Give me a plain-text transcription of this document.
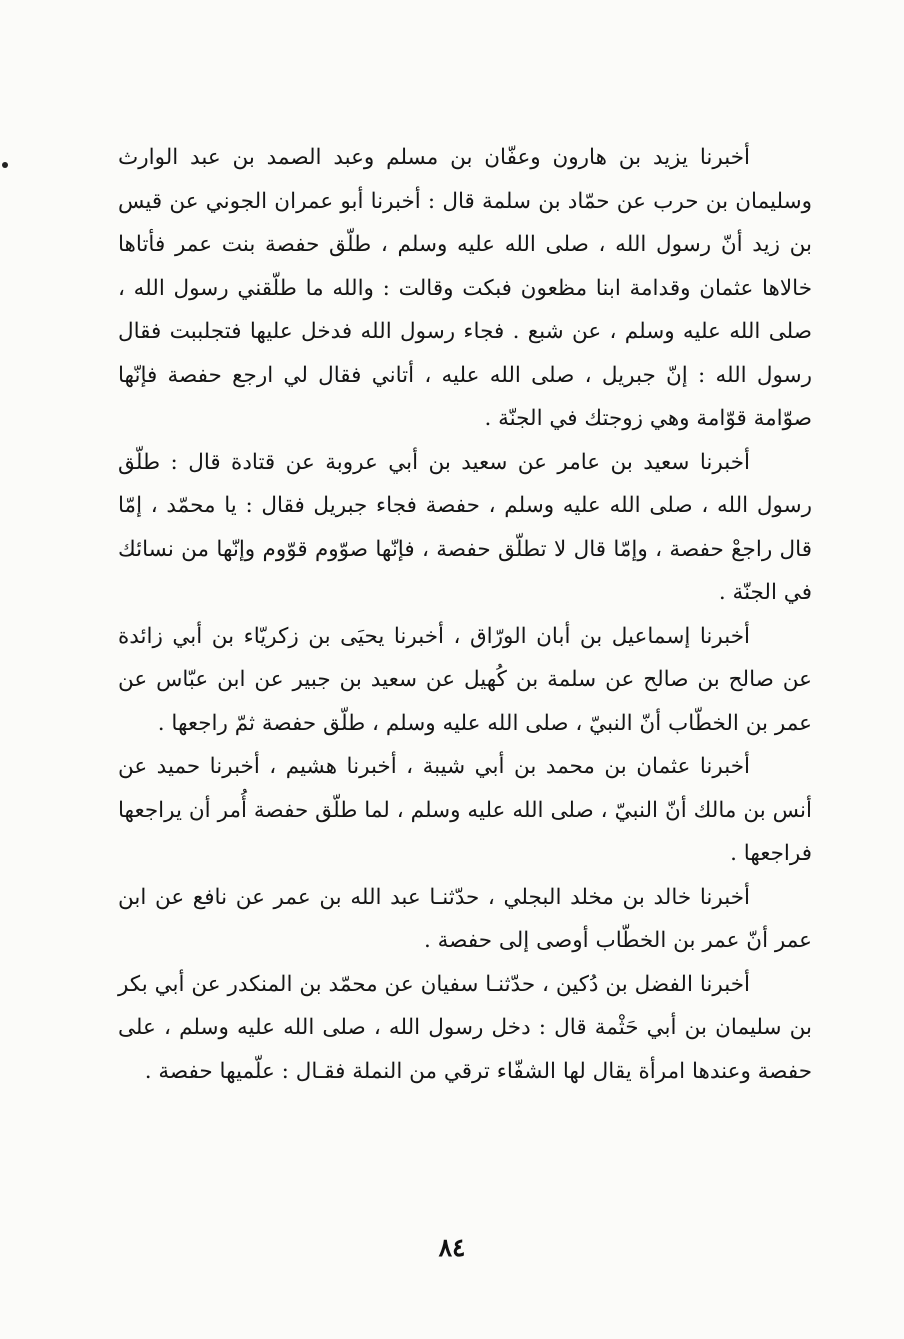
أخبرنا يزيد بن هارون وعفّان بن مسلم وعبد الصمد بن عبد الوارث وسليمان بن حرب عن حمّاد بن سلمة قال : أخبرنا أبو عمران الجوني عن قيس بن زيد أنّ رسول الله ، صلى الله عليه وسلم ، طلّق حفصة بنت عمر فأتاها خالاها عثمان وقدامة ابنا مظعون فبكت وقالت : والله ما طلّقني رسول الله ، صلى الله عليه وسلم ، عن شبع . فجاء رسول الله فدخل عليها فتجلببت فقال رسول الله : إنّ جبريل ، صلى الله عليه ، أتاني فقال لي ارجع حفصة فإنّها صوّامة قوّامة وهي زوجتك في الجنّة .

أخبرنا سعيد بن عامر عن سعيد بن أبي عروبة عن قتادة قال : طلّق رسول الله ، صلى الله عليه وسلم ، حفصة فجاء جبريل فقال : يا محمّد ، إمّا قال راجعْ حفصة ، وإمّا قال لا تطلّق حفصة ، فإنّها صوّوم قوّوم وإنّها من نسائك في الجنّة .

أخبرنا إسماعيل بن أبان الورّاق ، أخبرنا يحيَى بن زكريّاء بن أبي زائدة عن صالح بن صالح عن سلمة بن كُهيل عن سعيد بن جبير عن ابن عبّاس عن عمر بن الخطّاب أنّ النبيّ ، صلى الله عليه وسلم ، طلّق حفصة ثمّ راجعها .

أخبرنا عثمان بن محمد بن أبي شيبة ، أخبرنا هشيم ، أخبرنا حميد عن أنس بن مالك أنّ النبيّ ، صلى الله عليه وسلم ، لما طلّق حفصة أُمر أن يراجعها فراجعها .

أخبرنا خالد بن مخلد البجلي ، حدّثنـا عبد الله بن عمر عن نافع عن ابن عمر أنّ عمر بن الخطّاب أوصى إلى حفصة .

أخبرنا الفضل بن دُكين ، حدّثنـا سفيان عن محمّد بن المنكدر عن أبي بكر بن سليمان بن أبي حَثْمة قال : دخل رسول الله ، صلى الله عليه وسلم ، على حفصة وعندها امرأة يقال لها الشفّاء ترقي من النملة فقـال : علّميها حفصة .

٨٤
